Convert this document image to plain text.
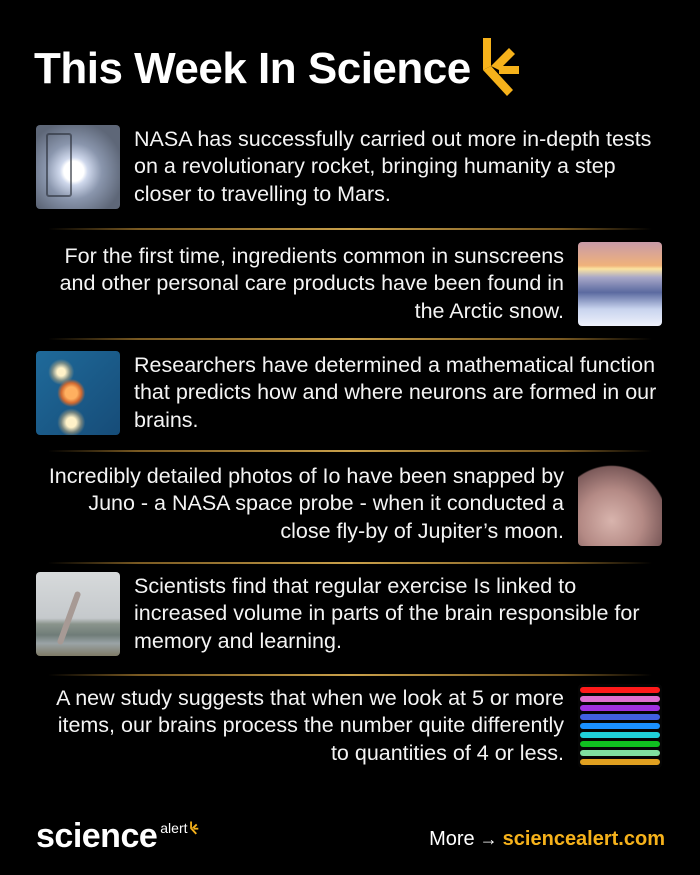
This Week In Science

NASA has successfully carried out more in-depth tests on a revolutionary rocket, bringing humanity a step closer to travelling to Mars.

For the first time, ingredients common in sunscreens and other personal care products have been found in the Arctic snow.

Researchers have determined a mathematical function that predicts how and where neurons are formed in our brains.

Incredibly detailed photos of Io have been snapped by Juno - a NASA space probe - when it conducted a close fly-by of Jupiter’s moon.

Scientists find that regular exercise Is linked to increased volume in parts of the brain responsible for memory and learning.

A new study suggests that when we look at 5 or more items, our brains process the number quite differently to quantities of 4 or less.

science alert	More → sciencealert.com
